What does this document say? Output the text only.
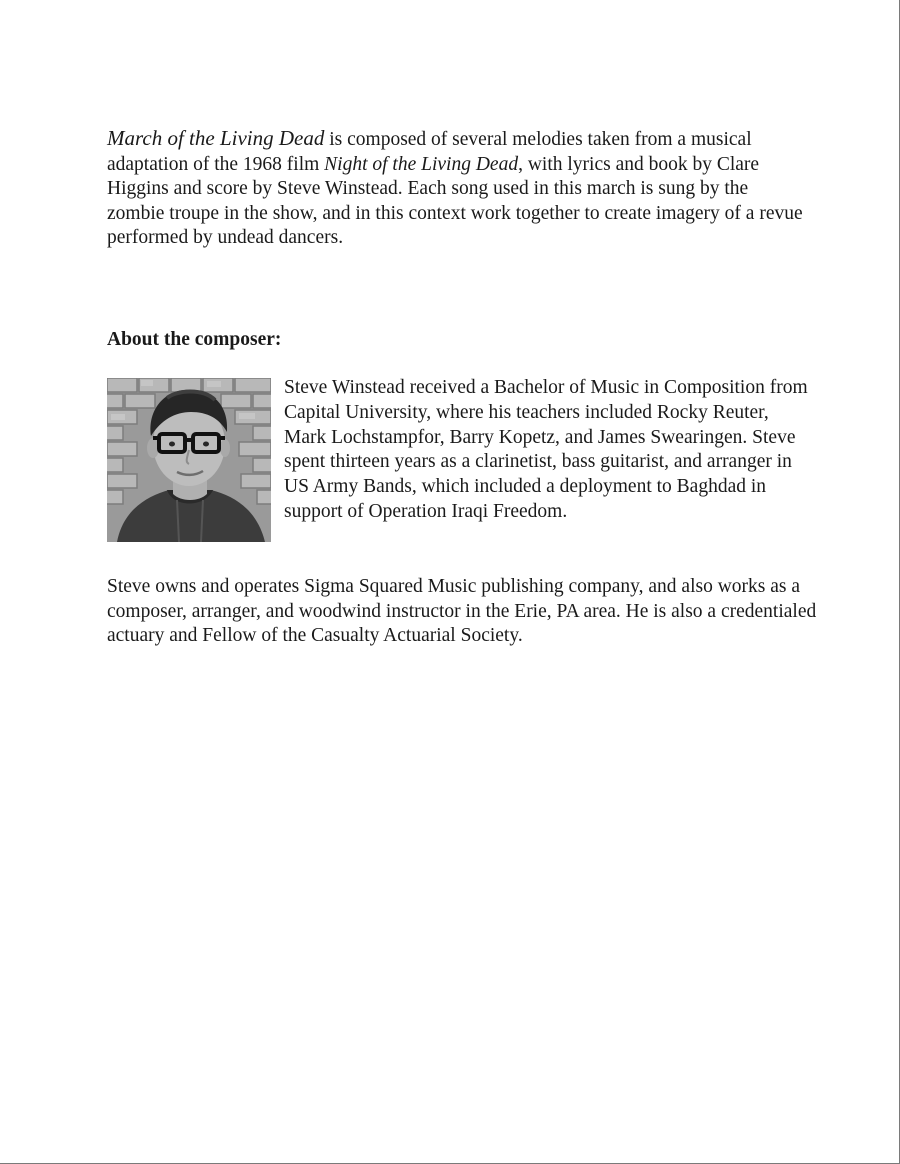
March of the Living Dead is composed of several melodies taken from a musical adaptation of the 1968 film Night of the Living Dead, with lyrics and book by Clare Higgins and score by Steve Winstead. Each song used in this march is sung by the zombie troupe in the show, and in this context work together to create imagery of a revue performed by undead dancers.

About the composer:

Steve Winstead received a Bachelor of Music in Composition from Capital University, where his teachers included Rocky Reuter, Mark Lochstampfor, Barry Kopetz, and James Swearingen. Steve spent thirteen years as a clarinetist, bass guitarist, and arranger in US Army Bands, which included a deployment to Baghdad in support of Operation Iraqi Freedom.

Steve owns and operates Sigma Squared Music publishing company, and also works as a composer, arranger, and woodwind instructor in the Erie, PA area. He is also a credentialed actuary and Fellow of the Casualty Actuarial Society.
